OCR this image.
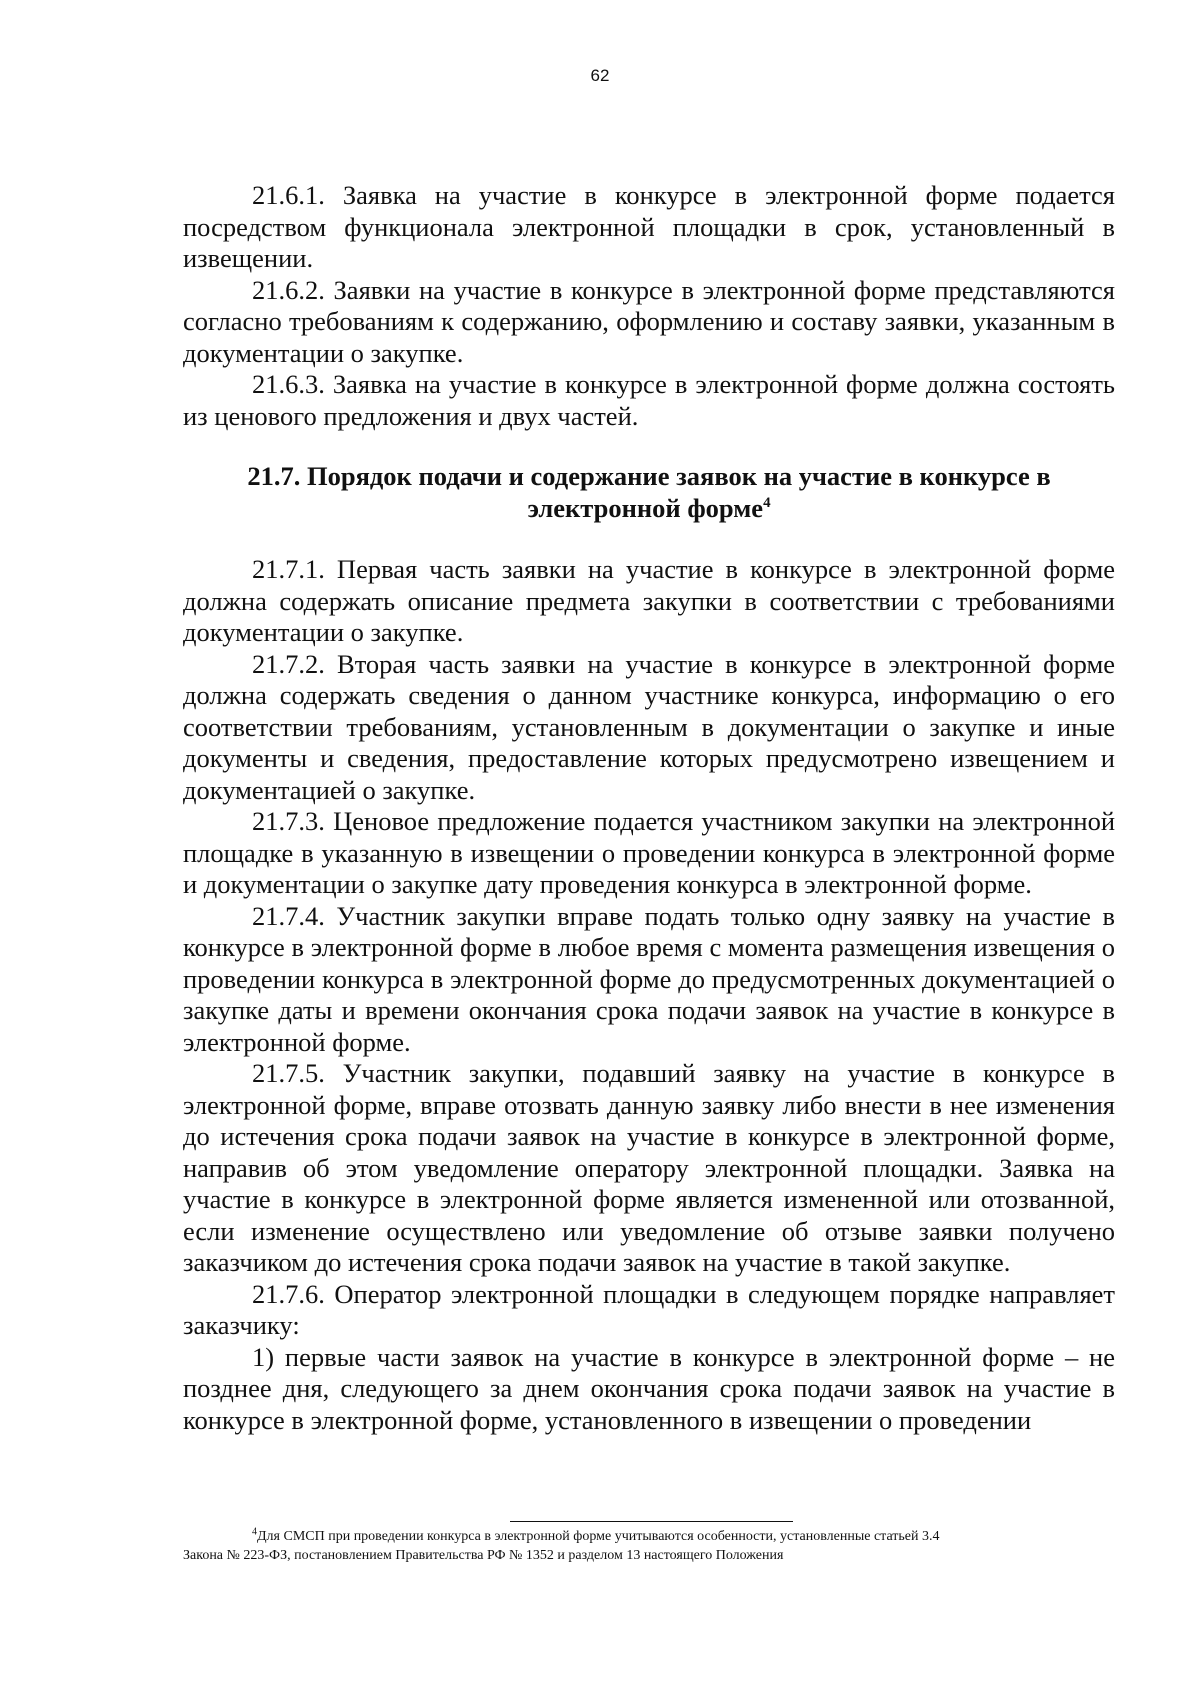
62

21.6.1. Заявка на участие в конкурсе в электронной форме подается посредством функционала электронной площадки в срок, установленный в извещении.

21.6.2. Заявки на участие в конкурсе в электронной форме представляются согласно требованиям к содержанию, оформлению и составу заявки, указанным в документации о закупке.

21.6.3. Заявка на участие в конкурсе в электронной форме должна состоять из ценового предложения и двух частей.

21.7. Порядок подачи и содержание заявок на участие в конкурсе в
электронной форме$^4$

21.7.1. Первая часть заявки на участие в конкурсе в электронной форме должна содержать описание предмета закупки в соответствии с требованиями документации о закупке.

21.7.2. Вторая часть заявки на участие в конкурсе в электронной форме должна содержать сведения о данном участнике конкурса, информацию о его соответствии требованиям, установленным в документации о закупке и иные документы и сведения, предоставление которых предусмотрено извещением и документацией о закупке.

21.7.3. Ценовое предложение подается участником закупки на электронной площадке в указанную в извещении о проведении конкурса в электронной форме и документации о закупке дату проведения конкурса в электронной форме.

21.7.4. Участник закупки вправе подать только одну заявку на участие в конкурсе в электронной форме в любое время с момента размещения извещения о проведении конкурса в электронной форме до предусмотренных документацией о закупке даты и времени окончания срока подачи заявок на участие в конкурсе в электронной форме.

21.7.5. Участник закупки, подавший заявку на участие в конкурсе в электронной форме, вправе отозвать данную заявку либо внести в нее изменения до истечения срока подачи заявок на участие в конкурсе в электронной форме, направив об этом уведомление оператору электронной площадки. Заявка на участие в конкурсе в электронной форме является измененной или отозванной, если изменение осуществлено или уведомление об отзыве заявки получено заказчиком до истечения срока подачи заявок на участие в такой закупке.

21.7.6. Оператор электронной площадки в следующем порядке направляет заказчику:

1) первые части заявок на участие в конкурсе в электронной форме – не позднее дня, следующего за днем окончания срока подачи заявок на участие в конкурсе в электронной форме, установленного в извещении о проведении

$^4$Для СМСП при проведении конкурса в электронной форме учитываются особенности, установленные статьей 3.4
Закона № 223-ФЗ, постановлением Правительства РФ № 1352 и разделом 13 настоящего Положения
